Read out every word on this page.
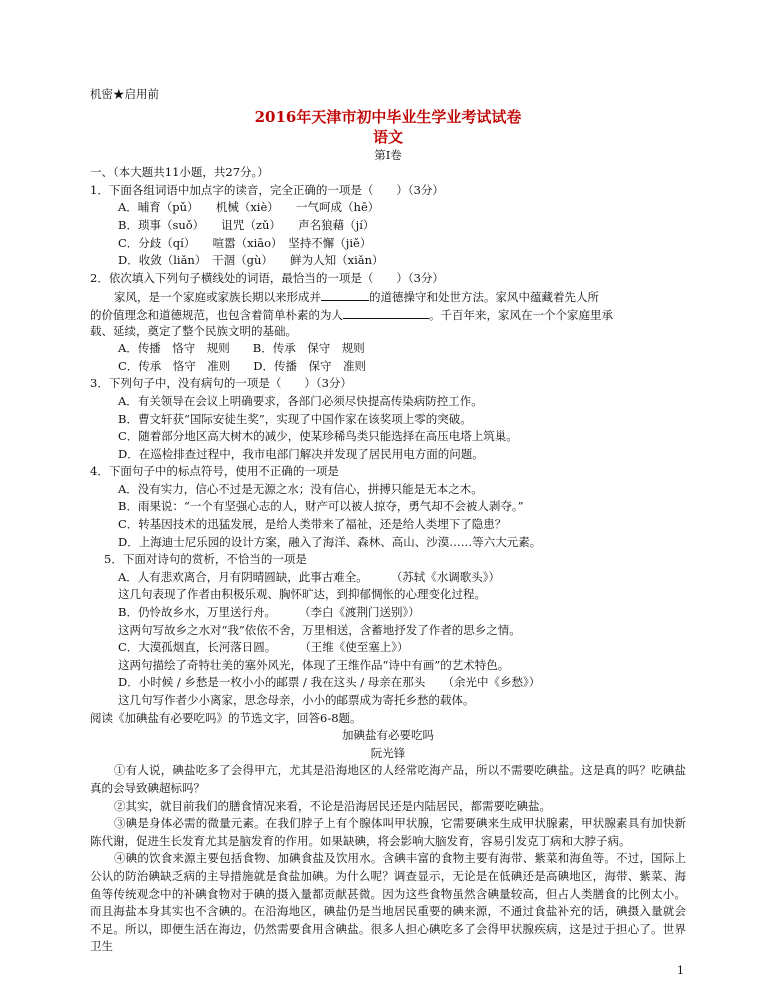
机密★启用前
2016年天津市初中毕业生学业考试试卷
语文
第Ⅰ卷
一、（本大题共11小题，共27分。）
1．下面各组词语中加点字的读音，完全正确的一项是（　　）（3分）
A．晡育（pǔ）　　机械（xiè）　　一气呵成（hē）
B．琐事（suǒ）　　诅咒（zǔ）　　声名狼藉（jí）
C．分歧（qí）　　喧嚣（xiāo）　坚持不懈（jiě）
D．收敛（liǎn）　干涸（gù）　　鲜为人知（xiǎn）
2．依次填入下列句子横线处的词语，最恰当的一项是（　　）（3分）
家风，是一个家庭或家族长期以来形成并	的道德操守和处世方法。家风中蕴藏着先人所
的价值理念和道德规范，也包含着简单朴素的为人	。千百年来，家风在一个个家庭里承
载、延续，奠定了整个民族文明的基础。
A．传播　恪守　规则　　B．传承　保守　规则
C．传承　恪守　准则　　D．传播　保守　准则
3．下列句子中，没有病句的一项是（　　）（3分）
A．有关领导在会议上明确要求，各部门必须尽快提高传染病防控工作。
B．曹文轩获“国际安徒生奖”，实现了中国作家在该奖项上零的突破。
C．随着部分地区高大树木的减少，使某珍稀鸟类只能选择在高压电塔上筑巢。
D．在巡检排查过程中，我市电部门解决并发现了居民用电方面的问题。
4．下面句子中的标点符号，使用不正确的一项是
A．没有实力，信心不过是无源之水；没有信心，拼搏只能是无本之木。
B．雨果说：“一个有坚强心志的人，财产可以被人掠夺，勇气却不会被人剥夺。”
C．转基因技术的迅猛发展，是给人类带来了福祉，还是给人类埋下了隐患？
D．上海迪士尼乐园的设计方案，融入了海洋、森林、高山、沙漠……等六大元素。
5．下面对诗句的赏析，不恰当的一项是
A．人有悲欢离合，月有阴晴圆缺，此事古难全。　　　	（苏轼《水调歌头》）
这几句表现了作者由积极乐观、胸怀旷达，到抑郁惆怅的心理变化过程。
B．仍怜故乡水，万里送行舟。　　　	（李白《渡荆门送别》）
这两句写故乡之水对“我”依依不舍，万里相送，含蓄地抒发了作者的思乡之情。
C．大漠孤烟直，长河落日圆。　　　	（王维《使至塞上》）
这两句描绘了奇特壮美的塞外风光，体现了王维作品“诗中有画”的艺术特色。
D．小时候 / 乡愁是一枚小小的邮票 / 我在这头 / 母亲在那头　　 （余光中《乡愁》）
这几句写作者少小离家，思念母亲，小小的邮票成为寄托乡愁的载体。
阅读《加碘盐有必要吃吗》的节选文字，回答6-8题。
加碘盐有必要吃吗
阮光锋
①有人说，碘盐吃多了会得甲亢，尤其是沿海地区的人经常吃海产品，所以不需要吃碘盐。这是真的吗？吃碘盐真的会导致碘超标吗？
②其实，就目前我们的膳食情况来看，不论是沿海居民还是内陆居民，都需要吃碘盐。
③碘是身体必需的微量元素。在我们脖子上有个腺体叫甲状腺，它需要碘来生成甲状腺素，甲状腺素具有加快新陈代谢，促进生长发育尤其是脑发育的作用。如果缺碘，将会影响大脑发育，容易引发克丁病和大脖子病。
④碘的饮食来源主要包括食物、加碘食盐及饮用水。含碘丰富的食物主要有海带、紫菜和海鱼等。不过，国际上公认的防治碘缺乏病的主导措施就是食盐加碘。为什么呢？调查显示，无论是在低碘还是高碘地区，海带、紫菜、海鱼等传统观念中的补碘食物对于碘的摄入量都贡献甚微。因为这些食物虽然含碘量较高，但占人类膳食的比例太小。而且海盐本身其实也不含碘的。在沿海地区，碘盐仍是当地居民重要的碘来源，不通过食盐补充的话，碘摄入量就会不足。所以，即便生活在海边，仍然需要食用含碘盐。很多人担心碘吃多了会得甲状腺疾病，这是过于担心了。世界卫生
1
